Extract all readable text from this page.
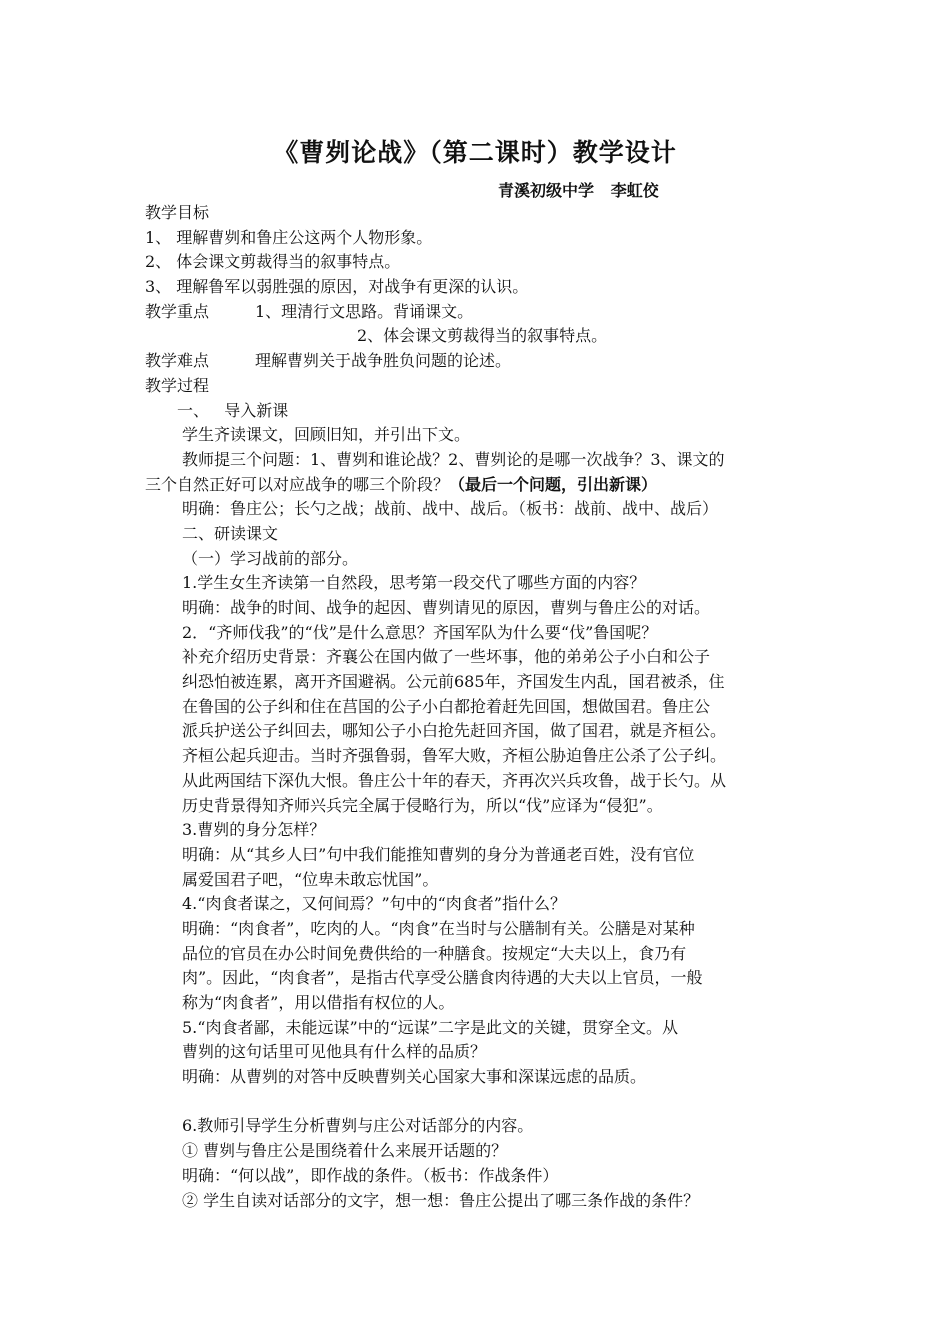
《曹刿论战》（第二课时）教学设计
青溪初级中学   李虹佼
教学目标
1、 理解曹刿和鲁庄公这两个人物形象。
2、 体会课文剪裁得当的叙事特点。
3、 理解鲁军以弱胜强的原因，对战争有更深的认识。
教学重点	1、理清行文思路。背诵课文。
2、体会课文剪裁得当的叙事特点。
教学难点	理解曹刿关于战争胜负问题的论述。
教学过程
一、   导入新课
学生齐读课文，回顾旧知，并引出下文。
教师提三个问题：1、曹刿和谁论战？2、曹刿论的是哪一次战争？3、课文的
三个自然正好可以对应战争的哪三个阶段？（最后一个问题，引出新课）
明确：鲁庄公；长勺之战；战前、战中、战后。（板书：战前、战中、战后）
二、研读课文
（一）学习战前的部分。
1.学生女生齐读第一自然段，思考第一段交代了哪些方面的内容？
明确：战争的时间、战争的起因、曹刿请见的原因，曹刿与鲁庄公的对话。
2．“齐师伐我”的“伐”是什么意思？齐国军队为什么要“伐”鲁国呢？
补充介绍历史背景：齐襄公在国内做了一些坏事，他的弟弟公子小白和公子
纠恐怕被连累，离开齐国避祸。公元前685年，齐国发生内乱，国君被杀，住
在鲁国的公子纠和住在莒国的公子小白都抢着赶先回国，想做国君。鲁庄公
派兵护送公子纠回去，哪知公子小白抢先赶回齐国，做了国君，就是齐桓公。
齐桓公起兵迎击。当时齐强鲁弱，鲁军大败，齐桓公胁迫鲁庄公杀了公子纠。
从此两国结下深仇大恨。鲁庄公十年的春天，齐再次兴兵攻鲁，战于长勺。从
历史背景得知齐师兴兵完全属于侵略行为，所以“伐”应译为“侵犯”。
3.曹刿的身分怎样？
明确：从“其乡人曰”句中我们能推知曹刿的身分为普通老百姓，没有官位
属爱国君子吧，“位卑未敢忘忧国”。
4.“肉食者谋之，又何间焉？”句中的“肉食者”指什么？
明确：“肉食者”，吃肉的人。“肉食”在当时与公膳制有关。公膳是对某种
品位的官员在办公时间免费供给的一种膳食。按规定“大夫以上，食乃有
肉”。因此，“肉食者”，是指古代享受公膳食肉待遇的大夫以上官员，一般
称为“肉食者”，用以借指有权位的人。
5.“肉食者鄙，未能远谋”中的“远谋”二字是此文的关键，贯穿全文。从
曹刿的这句话里可见他具有什么样的品质？
明确：从曹刿的对答中反映曹刿关心国家大事和深谋远虑的品质。
6.教师引导学生分析曹刿与庄公对话部分的内容。
① 曹刿与鲁庄公是围绕着什么来展开话题的？
明确：“何以战”，即作战的条件。（板书：作战条件）
② 学生自读对话部分的文字，想一想：鲁庄公提出了哪三条作战的条件？
